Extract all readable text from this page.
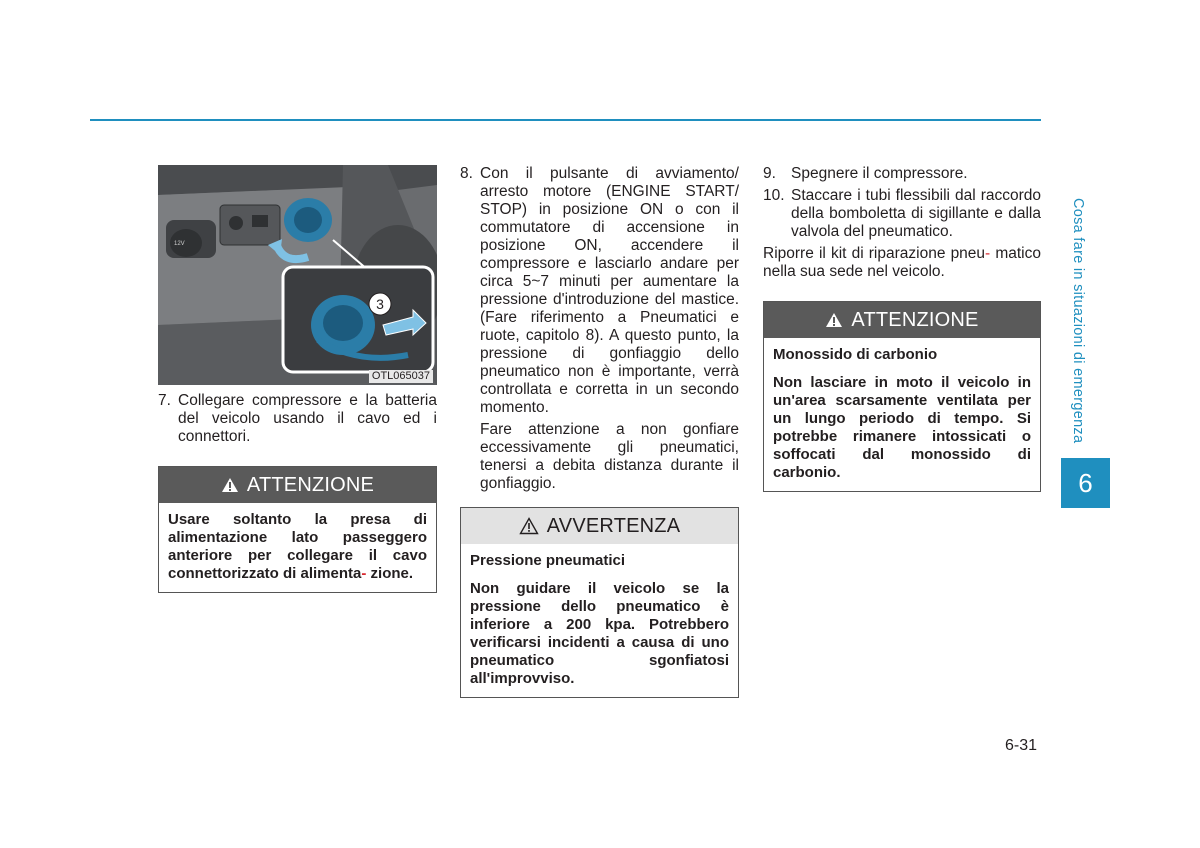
12V
3
OTL065037
7. Collegare compressore e la batteria del veicolo usando il cavo ed i connettori.
ATTENZIONE
Usare soltanto la presa di alimentazione lato passeggero anteriore per collegare il cavo connettorizzato di alimenta- zione.
8. Con il pulsante di avviamento/ arresto motore (ENGINE START/ STOP) in posizione ON o con il commutatore di accensione in posizione ON, accendere il compressore e lasciarlo andare per circa 5~7 minuti per aumentare la pressione d'introduzione del mastice. (Fare riferimento a Pneumatici e ruote, capitolo 8). A questo punto, la pressione di gonfiaggio dello pneumatico non è importante, verrà controllata e corretta in un secondo momento.

Fare attenzione a non gonfiare eccessivamente gli pneumatici, tenersi a debita distanza durante il gonfiaggio.

AVVERTENZA
Pressione pneumatici
Non guidare il veicolo se la pressione dello pneumatico è inferiore a 200 kpa. Potrebbero verificarsi incidenti a causa di uno pneumatico sgonfiatosi all'improvviso.
9. Spegnere il compressore.
10. Staccare i tubi flessibili dal raccordo della bomboletta di sigillante e dalla valvola del pneumatico.

Riporre il kit di riparazione pneu- matico nella sua sede nel veicolo.

ATTENZIONE
Monossido di carbonio
Non lasciare in moto il veicolo in un'area scarsamente ventilata per un lungo periodo di tempo. Si potrebbe rimanere intossicati o soffocati dal monossido di carbonio.
Cosa fare in situazioni di emergenza
6
6-31
